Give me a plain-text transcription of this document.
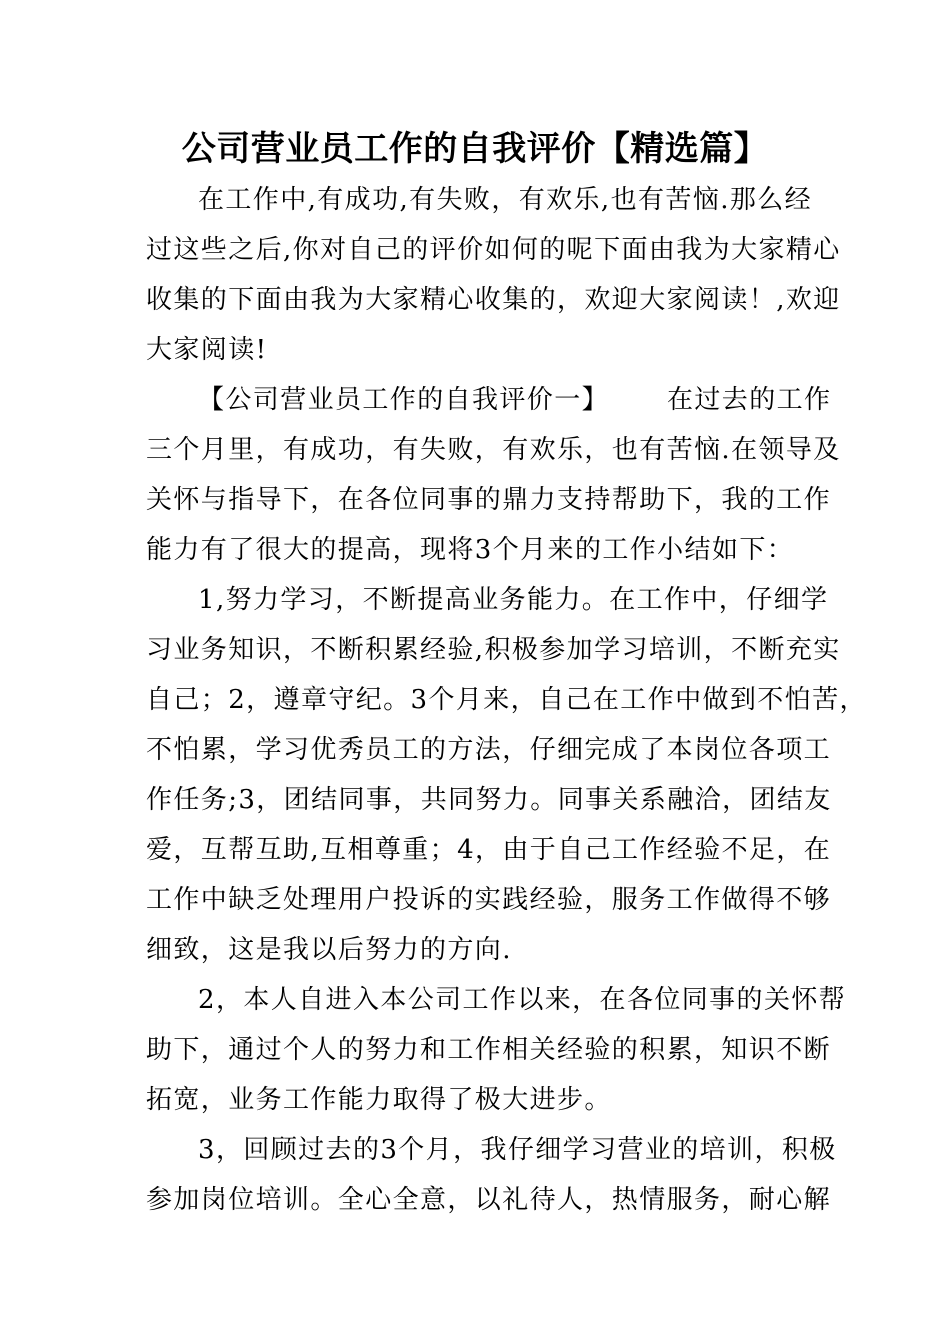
公司营业员工作的自我评价【精选篇】
在工作中,有成功,有失败，有欢乐,也有苦恼.那么经
过这些之后,你对自己的评价如何的呢下面由我为大家精心
收集的下面由我为大家精心收集的，欢迎大家阅读！,欢迎
大家阅读!
【公司营业员工作的自我评价一】      在过去的工作
三个月里，有成功，有失败，有欢乐，也有苦恼.在领导及
关怀与指导下，在各位同事的鼎力支持帮助下，我的工作
能力有了很大的提高，现将3个月来的工作小结如下：
1,努力学习，不断提高业务能力。在工作中，仔细学
习业务知识，不断积累经验,积极参加学习培训，不断充实
自己；2，遵章守纪。3个月来，自己在工作中做到不怕苦，
不怕累，学习优秀员工的方法，仔细完成了本岗位各项工
作任务;3，团结同事，共同努力。同事关系融洽，团结友
爱，互帮互助,互相尊重；4，由于自己工作经验不足，在
工作中缺乏处理用户投诉的实践经验，服务工作做得不够
细致，这是我以后努力的方向.
2，本人自进入本公司工作以来，在各位同事的关怀帮
助下，通过个人的努力和工作相关经验的积累，知识不断
拓宽，业务工作能力取得了极大进步。
3，回顾过去的3个月，我仔细学习营业的培训，积极
参加岗位培训。全心全意，以礼待人，热情服务，耐心解
